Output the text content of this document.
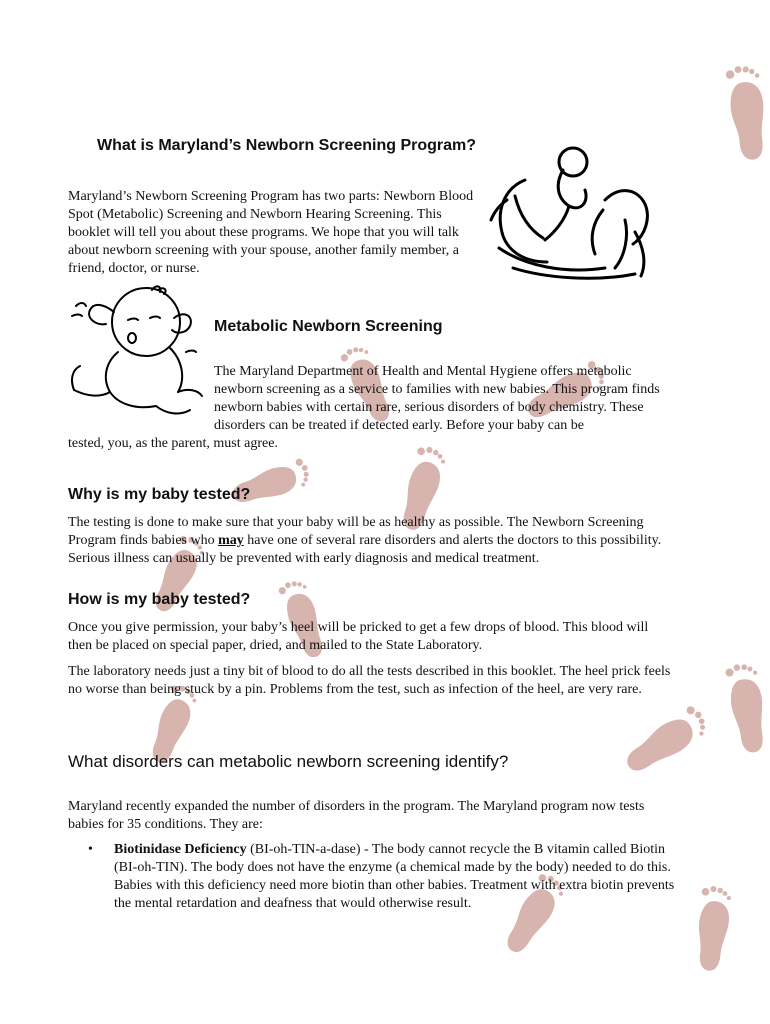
What is Maryland’s Newborn Screening Program?

Maryland’s Newborn Screening Program has two parts: Newborn Blood Spot (Metabolic) Screening and Newborn Hearing Screening. This booklet will tell you about these programs. We hope that you will talk about newborn screening with your spouse, another family member, a friend, doctor, or nurse.

Metabolic Newborn Screening

The Maryland Department of Health and Mental Hygiene offers metabolic newborn screening as a service to families with new babies. This program finds newborn babies with certain rare, serious disorders of body chemistry. These disorders can be treated if detected early. Before your baby can be

tested, you, as the parent, must agree.

Why is my baby tested?

The testing is done to make sure that your baby will be as healthy as possible. The Newborn Screening Program finds babies who may have one of several rare disorders and alerts the doctors to this possibility. Serious illness can usually be prevented with early diagnosis and medical treatment.

How is my baby tested?

Once you give permission, your baby’s heel will be pricked to get a few drops of blood. This blood will then be placed on special paper, dried, and mailed to the State Laboratory.

The laboratory needs just a tiny bit of blood to do all the tests described in this booklet. The heel prick feels no worse than being stuck by a pin. Problems from the test, such as infection of the heel, are very rare.

What disorders can metabolic newborn screening identify?

Maryland recently expanded the number of disorders in the program. The Maryland program now tests babies for 35 conditions. They are:

• Biotinidase Deficiency (BI-oh-TIN-a-dase) - The body cannot recycle the B vitamin called Biotin (BI-oh-TIN). The body does not have the enzyme (a chemical made by the body) needed to do this. Babies with this deficiency need more biotin than other babies. Treatment with extra biotin prevents the mental retardation and deafness that would otherwise result.
